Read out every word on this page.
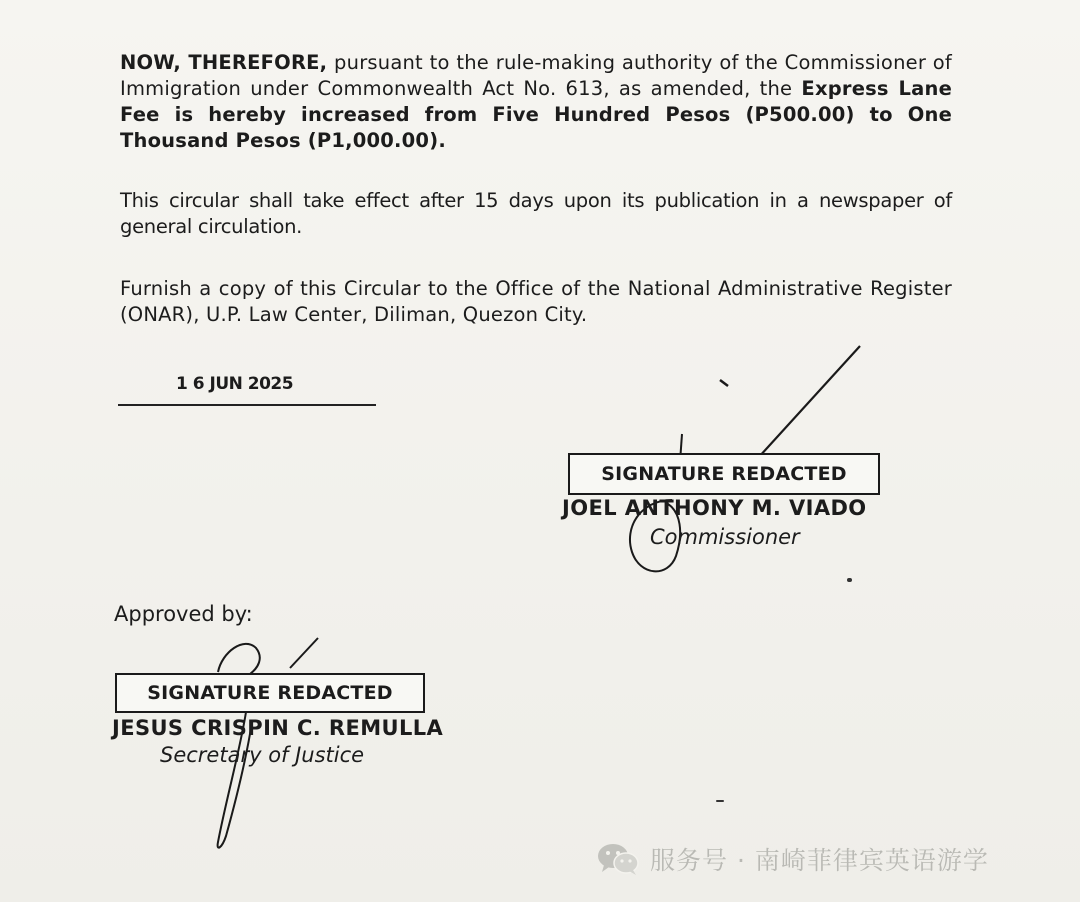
NOW, THEREFORE, pursuant to the rule-making authority of the Commissioner of Immigration under Commonwealth Act No. 613, as amended, the Express Lane Fee is hereby increased from Five Hundred Pesos (P500.00) to One Thousand Pesos (P1,000.00).
This circular shall take effect after 15 days upon its publication in a newspaper of general circulation.
Furnish a copy of this Circular to the Office of the National Administrative Register (ONAR), U.P. Law Center, Diliman, Quezon City.
1 6 JUN 2025
SIGNATURE REDACTED
JOEL ANTHONY M. VIADO
Commissioner
Approved by:
SIGNATURE REDACTED
JESUS CRISPIN C. REMULLA
Secretary of Justice
服务号 · 南崎菲律宾英语游学
